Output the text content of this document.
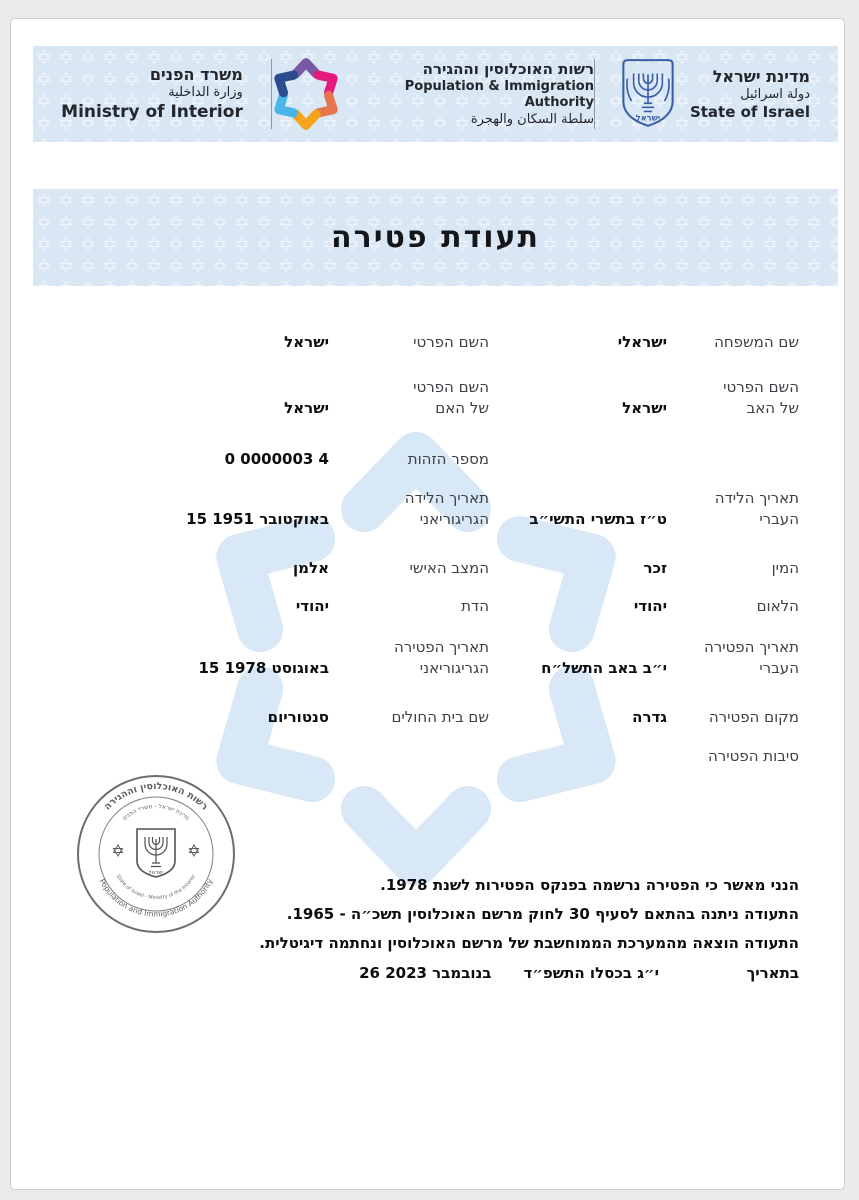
ישראל
מדינת ישראל
دولة اسرائيل
State of Israel
רשות האוכלוסין וההגירה
Population & Immigration Authority
سلطة السكان والهجرة
משרד הפנים
وزارة الداخلية
Ministry of Interior
תעודת פטירה
שם המשפחה
ישראלי
השם הפרטי
ישראל
השם הפרטי
של האב
ישראל
השם הפרטי
של האם
ישראל
מספר הזהות
0 0000003 4
תאריך הלידה
העברי
ט״ז בתשרי התשי״ב
תאריך הלידה
הגריגוריאני
15 באוקטובר 1951
המין
זכר
המצב האישי
אלמן
הלאום
יהודי
הדת
יהודי
תאריך הפטירה
העברי
י״ב באב התשל״ח
תאריך הפטירה
הגריגוריאני
15 באוגוסט 1978
מקום הפטירה
גדרה
שם בית החולים
סנטוריום
סיבות הפטירה
הנני מאשר כי הפטירה נרשמה בפנקס הפטירות לשנת 1978.
התעודה ניתנה בהתאם לסעיף 30 לחוק מרשם האוכלוסין תשכ״ה - 1965.
התעודה הוצאה מהמערכת הממוחשבת של מרשם האוכלוסין ונחתמה דיגיטלית.
בתאריך
י״ג בכסלו התשפ״ד
26 בנובמבר 2023
רשות האוכלוסין וההגירה
Population and Immigration Authority
מדינת ישראל - משרד הפנים
State of Israel - Ministry of the Interior
ישראל
